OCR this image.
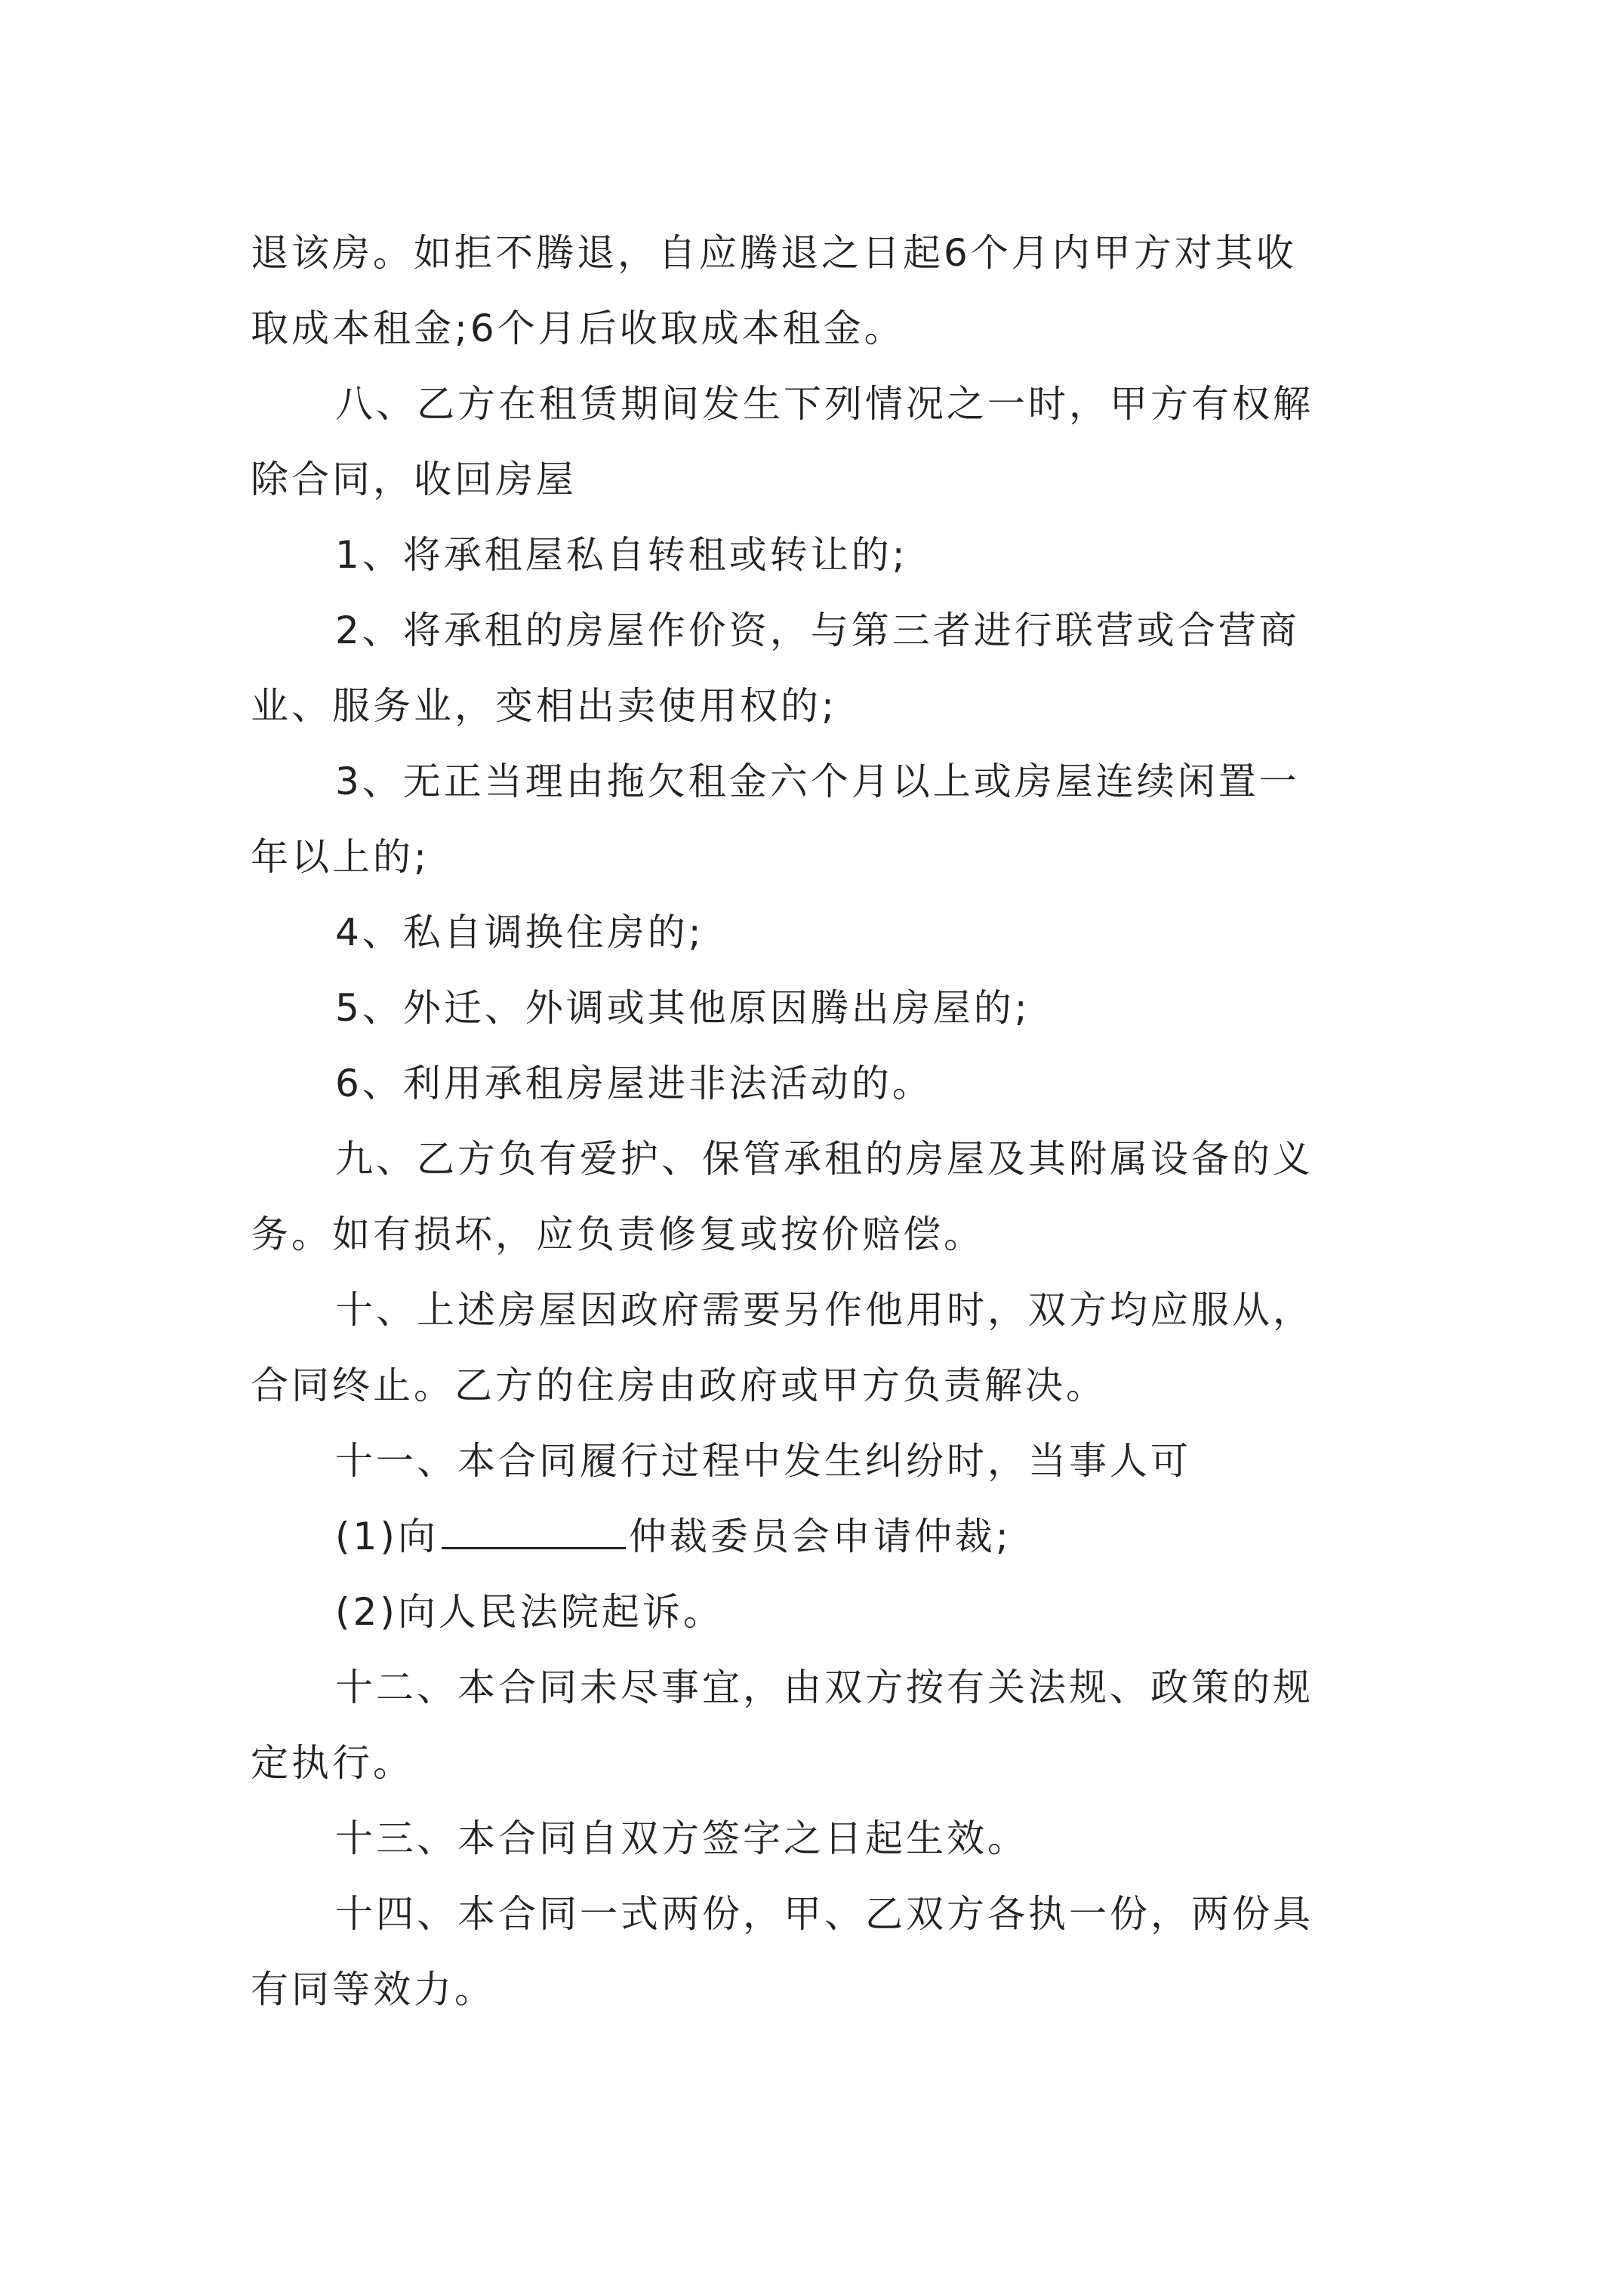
退该房。如拒不腾退，自应腾退之日起6个月内甲方对其收
取成本租金;6个月后收取成本租金。
八、乙方在租赁期间发生下列情况之一时，甲方有权解
除合同，收回房屋
1、将承租屋私自转租或转让的;
2、将承租的房屋作价资，与第三者进行联营或合营商
业、服务业，变相出卖使用权的;
3、无正当理由拖欠租金六个月以上或房屋连续闲置一
年以上的;
4、私自调换住房的;
5、外迁、外调或其他原因腾出房屋的;
6、利用承租房屋进非法活动的。
九、乙方负有爱护、保管承租的房屋及其附属设备的义
务。如有损坏，应负责修复或按价赔偿。
十、上述房屋因政府需要另作他用时，双方均应服从，
合同终止。乙方的住房由政府或甲方负责解决。
十一、本合同履行过程中发生纠纷时，当事人可
(1)向	仲裁委员会申请仲裁;
(2)向人民法院起诉。
十二、本合同未尽事宜，由双方按有关法规、政策的规
定执行。
十三、本合同自双方签字之日起生效。
十四、本合同一式两份，甲、乙双方各执一份，两份具
有同等效力。
